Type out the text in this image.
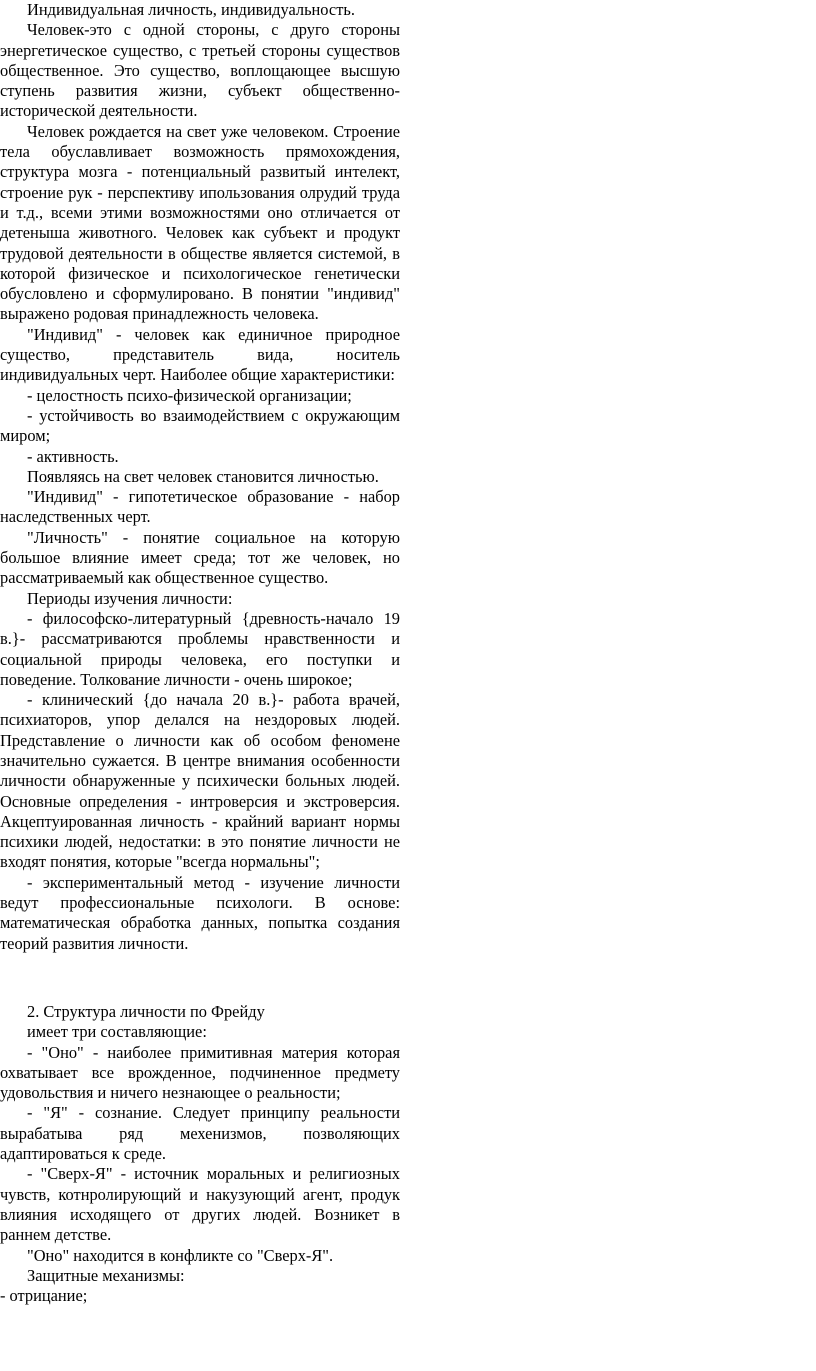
Индивидуальная личность, индивидуальность.

Человек-это с одной стороны, с друго стороны энергетическое существо, с третьей стороны существов общественное. Это существо, воплощающее высшую ступень развития жизни, субъект общественно-исторической деятельности.

Человек рождается на свет уже человеком. Строение тела обуславливает возможность прямохождения, структура мозга - потенциальный развитый интелект, строение рук - перспективу ипользования олрудий труда и т.д., всеми этими возможностями оно отличается от детеныша животного. Человек как субъект и продукт трудовой деятельности в обществе является системой, в которой физическое и психологическое генетически обусловлено и сформулировано. В понятии "индивид" выражено родовая принадлежность человека.

"Индивид" - человек как единичное природное существо, представитель вида, носитель индивидуальных черт. Наиболее общие характеристики:

- целостность психо-физической организации;

- устойчивость во взаимодействием с окружающим миром;

- активность.

Появляясь на свет человек становится личностью.

"Индивид" - гипотетическое образование - набор наследственных черт.

"Личность" - понятие социальное на которую большое влияние имеет среда; тот же человек, но рассматриваемый как общественное существо.

Периоды изучения личности:

- философско-литературный {древность-начало 19 в.}- рассматриваются проблемы нравственности и социальной природы человека, его поступки и поведение. Толкование личности - очень широкое;

- клинический {до начала 20 в.}- работа врачей, психиаторов, упор делался на нездоровых людей. Представление о личности как об особом феномене значительно сужается. В центре внимания особенности личности обнаруженные у психически больных людей. Основные определения - интроверсия и экстроверсия. Акцептуированная личность - крайний вариант нормы психики людей, недостатки: в это понятие личности не входят понятия, которые "всегда нормальны";

- экспериментальный метод - изучение личности ведут профессиональные психологи. В основе: математическая обработка данных, попытка создания теорий развития личности.

2. Структура личности по Фрейду

имеет три составляющие:

- "Оно" - наиболее примитивная материя которая охватывает все врожденное, подчиненное предмету удовольствия и ничего незнающее о реальности;

- "Я" - сознание. Следует принципу реальности вырабатыва ряд мехенизмов, позволяющих адаптироваться к среде.

- "Сверх-Я" - источник моральных и религиозных чувств, котнролирующий и накузующий агент, продук влияния исходящего от других людей. Возникет в раннем детстве.

"Оно" находится в конфликте со "Сверх-Я".

Защитные механизмы:

- отрицание;
